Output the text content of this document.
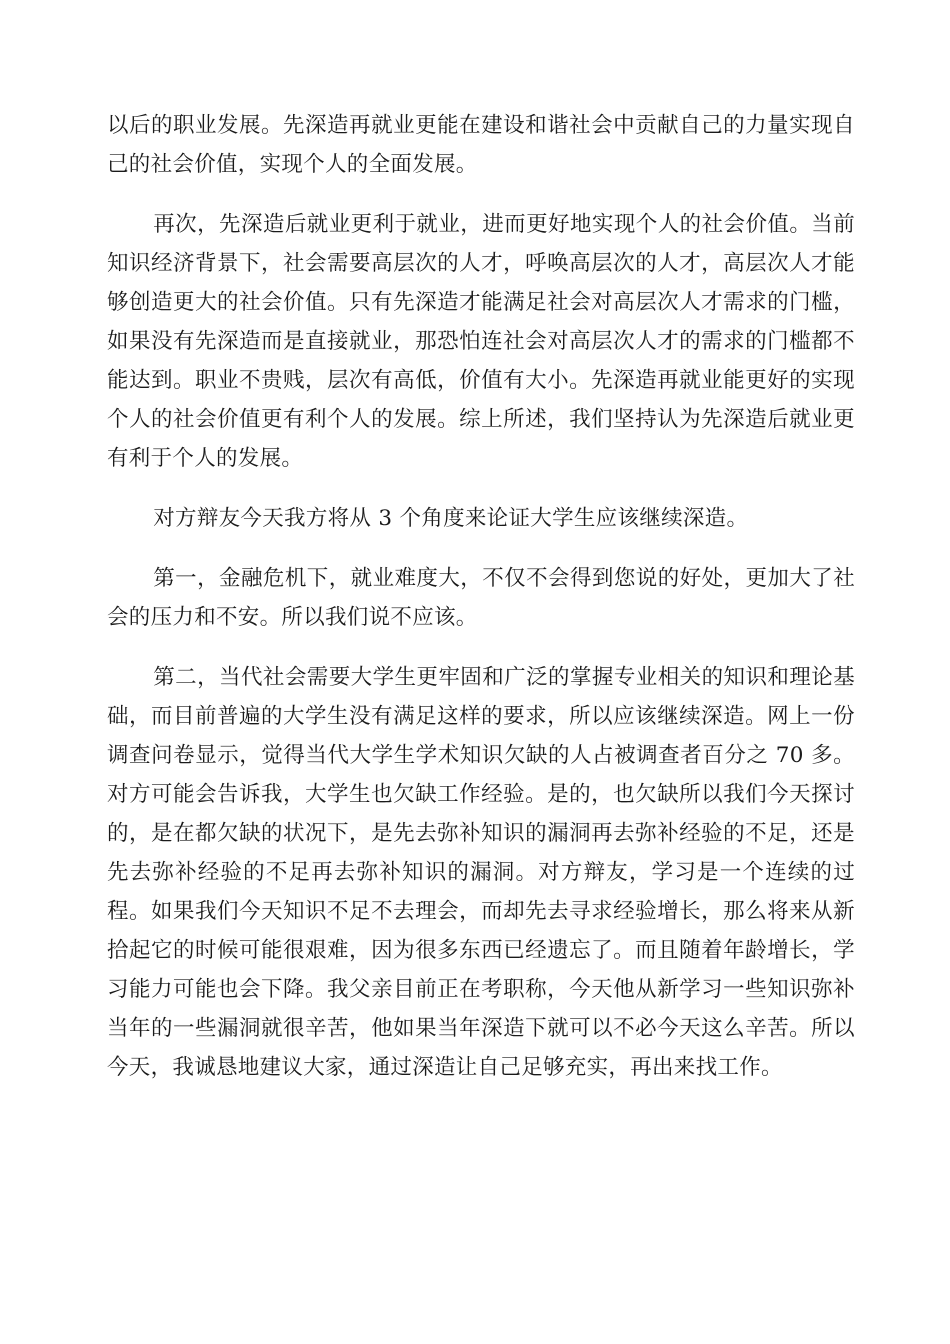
以后的职业发展。先深造再就业更能在建设和谐社会中贡献自己的力量实现自己的社会价值，实现个人的全面发展。

再次，先深造后就业更利于就业，进而更好地实现个人的社会价值。当前知识经济背景下，社会需要高层次的人才，呼唤高层次的人才，高层次人才能够创造更大的社会价值。只有先深造才能满足社会对高层次人才需求的门槛，如果没有先深造而是直接就业，那恐怕连社会对高层次人才的需求的门槛都不能达到。职业不贵贱，层次有高低，价值有大小。先深造再就业能更好的实现个人的社会价值更有利个人的发展。综上所述，我们坚持认为先深造后就业更有利于个人的发展。

对方辩友今天我方将从 3 个角度来论证大学生应该继续深造。

第一，金融危机下，就业难度大，不仅不会得到您说的好处，更加大了社会的压力和不安。所以我们说不应该。

第二，当代社会需要大学生更牢固和广泛的掌握专业相关的知识和理论基础，而目前普遍的大学生没有满足这样的要求，所以应该继续深造。网上一份调查问卷显示，觉得当代大学生学术知识欠缺的人占被调查者百分之 70 多。对方可能会告诉我，大学生也欠缺工作经验。是的，也欠缺所以我们今天探讨的，是在都欠缺的状况下，是先去弥补知识的漏洞再去弥补经验的不足，还是先去弥补经验的不足再去弥补知识的漏洞。对方辩友，学习是一个连续的过程。如果我们今天知识不足不去理会，而却先去寻求经验增长，那么将来从新拾起它的时候可能很艰难，因为很多东西已经遗忘了。而且随着年龄增长，学习能力可能也会下降。我父亲目前正在考职称，今天他从新学习一些知识弥补当年的一些漏洞就很辛苦，他如果当年深造下就可以不必今天这么辛苦。所以今天，我诚恳地建议大家，通过深造让自己足够充实，再出来找工作。
